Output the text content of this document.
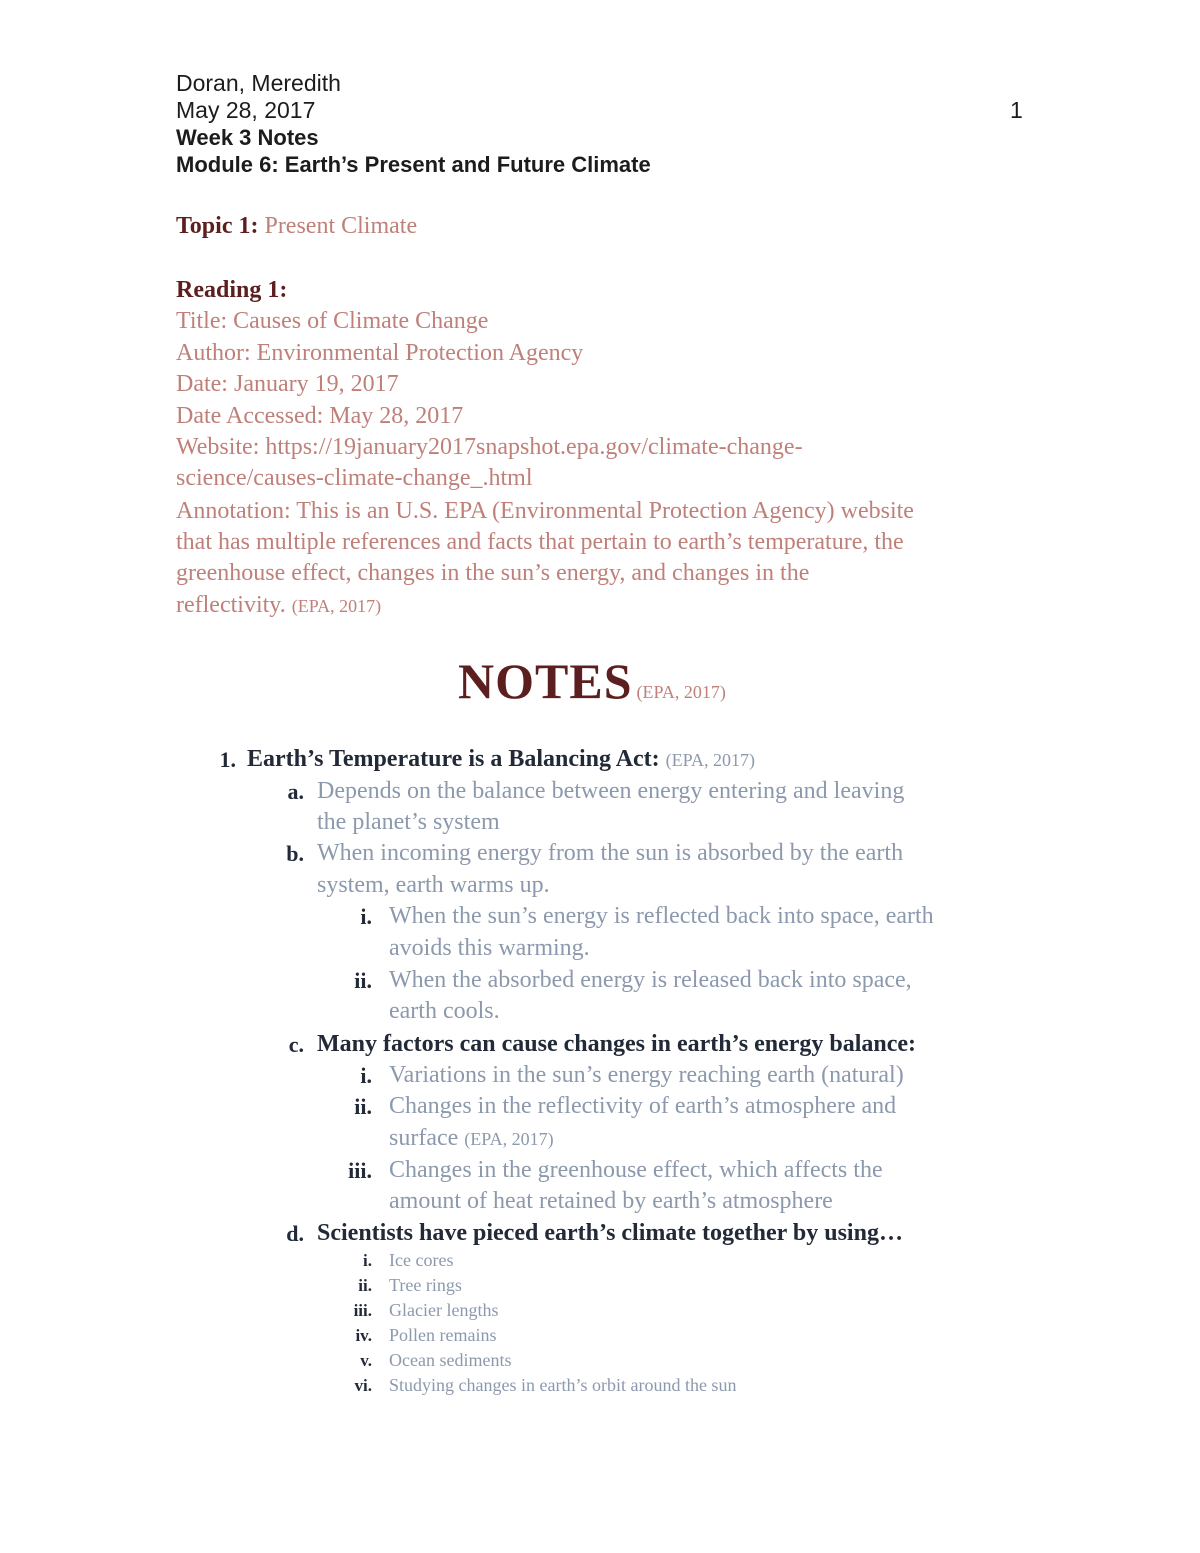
Doran, Meredith
May 28, 2017	1
Week 3 Notes
Module 6: Earth’s Present and Future Climate
Topic 1: Present Climate
Reading 1:
Title: Causes of Climate Change
Author: Environmental Protection Agency
Date: January 19, 2017
Date Accessed: May 28, 2017
Website: https://19january2017snapshot.epa.gov/climate-change-
science/causes-climate-change_.html
Annotation: This is an U.S. EPA (Environmental Protection Agency) website
that has multiple references and facts that pertain to earth’s temperature, the
greenhouse effect, changes in the sun’s energy, and changes in the
reflectivity. (EPA, 2017)
NOTES (EPA, 2017)
1. Earth’s Temperature is a Balancing Act: (EPA, 2017)
a. Depends on the balance between energy entering and leaving
the planet’s system
b. When incoming energy from the sun is absorbed by the earth
system, earth warms up.
i. When the sun’s energy is reflected back into space, earth
avoids this warming.
ii. When the absorbed energy is released back into space,
earth cools.
c. Many factors can cause changes in earth’s energy balance:
i. Variations in the sun’s energy reaching earth (natural)
ii. Changes in the reflectivity of earth’s atmosphere and
surface (EPA, 2017)
iii. Changes in the greenhouse effect, which affects the
amount of heat retained by earth’s atmosphere
d. Scientists have pieced earth’s climate together by using…
i. Ice cores
ii. Tree rings
iii. Glacier lengths
iv. Pollen remains
v. Ocean sediments
vi. Studying changes in earth’s orbit around the sun
